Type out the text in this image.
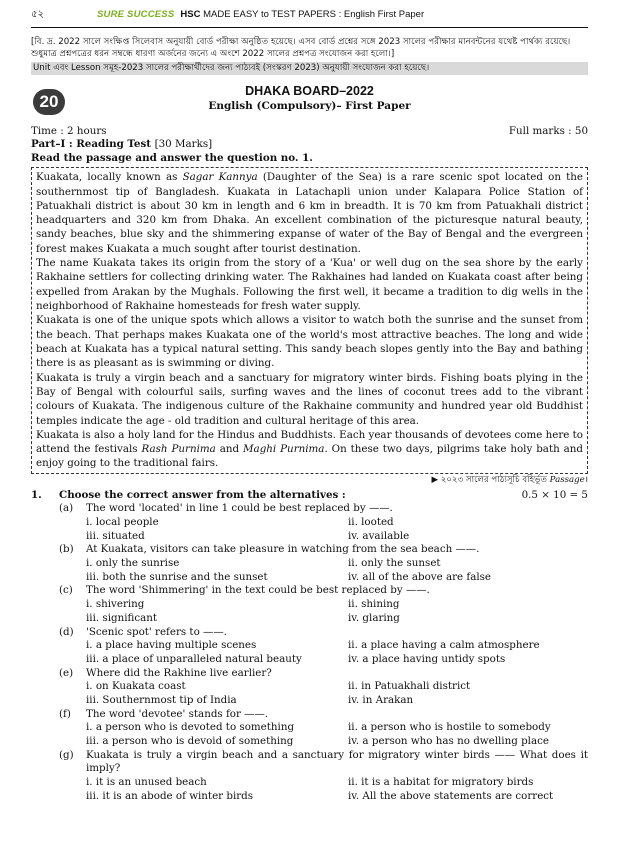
৫২	SURE SUCCESS HSC MADE EASY to TEST PAPERS : English First Paper
[বি. দ্র. 2022 সালে সংক্ষিপ্ত সিলেবাস অনুযায়ী বোর্ড পরীক্ষা অনুষ্ঠিত হয়েছে। এসব বোর্ড প্রশ্নের সঙ্গে 2023 সালের পরীক্ষার মানবন্টনের যথেষ্ট পার্থক্য রয়েছে। শুধুমাত্র প্রশ্নপত্রের ধরন সম্বন্ধে ধারণা অর্জনের জন্যে এ অংশে 2022 সালের প্রশ্নপত্র সংযোজন করা হলো।]
Unit এবং Lesson সমূহ-2023 সালের পরীক্ষার্থীদের জন্য পাঠ্যবই (সংস্করণ 2023) অনুযায়ী সংযোজন করা হয়েছে।
20
DHAKA BOARD–2022
English (Compulsory)– First Paper
Time : 2 hours	Full marks : 50
Part–I : Reading Test [30 Marks]
Read the passage and answer the question no. 1.

Kuakata, locally known as Sagar Kannya (Daughter of the Sea) is a rare scenic spot located on the southernmost tip of Bangladesh. Kuakata in Latachapli union under Kalapara Police Station of Patuakhali district is about 30 km in length and 6 km in breadth. It is 70 km from Patuakhali district headquarters and 320 km from Dhaka. An excellent combination of the picturesque natural beauty, sandy beaches, blue sky and the shimmering expanse of water of the Bay of Bengal and the evergreen forest makes Kuakata a much sought after tourist destination.

The name Kuakata takes its origin from the story of a 'Kua' or well dug on the sea shore by the early Rakhaine settlers for collecting drinking water. The Rakhaines had landed on Kuakata coast after being expelled from Arakan by the Mughals. Following the first well, it became a tradition to dig wells in the neighborhood of Rakhaine homesteads for fresh water supply.

Kuakata is one of the unique spots which allows a visitor to watch both the sunrise and the sunset from the beach. That perhaps makes Kuakata one of the world's most attractive beaches. The long and wide beach at Kuakata has a typical natural setting. This sandy beach slopes gently into the Bay and bathing there is as pleasant as is swimming or diving.

Kuakata is truly a virgin beach and a sanctuary for migratory winter birds. Fishing boats plying in the Bay of Bengal with colourful sails, surfing waves and the lines of coconut trees add to the vibrant colours of Kuakata. The indigenous culture of the Rakhaine community and hundred year old Buddhist temples indicate the age - old tradition and cultural heritage of this area.

Kuakata is also a holy land for the Hindus and Buddhists. Each year thousands of devotees come here to attend the festivals Rash Purnima and Maghi Purnima. On these two days, pilgrims take holy bath and enjoy going to the traditional fairs.

▶ ২০২৩ সালের পাঠ্যসূচি বহির্ভূত Passage।
1.	Choose the correct answer from the alternatives :	0.5 × 10 = 5
(a)	The word 'located' in line 1 could be best replaced by ——.
i. local people	ii. looted
iii. situated	iv. available
(b)	At Kuakata, visitors can take pleasure in watching from the sea beach ——.
i. only the sunrise	ii. only the sunset
iii. both the sunrise and the sunset	iv. all of the above are false
(c)	The word 'Shimmering' in the text could be best replaced by ——.
i. shivering	ii. shining
iii. significant	iv. glaring
(d)	'Scenic spot' refers to ——.
i. a place having multiple scenes	ii. a place having a calm atmosphere
iii. a place of unparalleled natural beauty	iv. a place having untidy spots
(e)	Where did the Rakhine live earlier?
i. on Kuakata coast	ii. in Patuakhali district
iii. Southernmost tip of India	iv. in Arakan
(f)	The word 'devotee' stands for ——.
i. a person who is devoted to something	ii. a person who is hostile to somebody
iii. a person who is devoid of something	iv. a person who has no dwelling place
(g)	Kuakata is truly a virgin beach and a sanctuary for migratory winter birds —— What does it imply?
i. it is an unused beach	ii. it is a habitat for migratory birds
iii. it is an abode of winter birds	iv. All the above statements are correct
